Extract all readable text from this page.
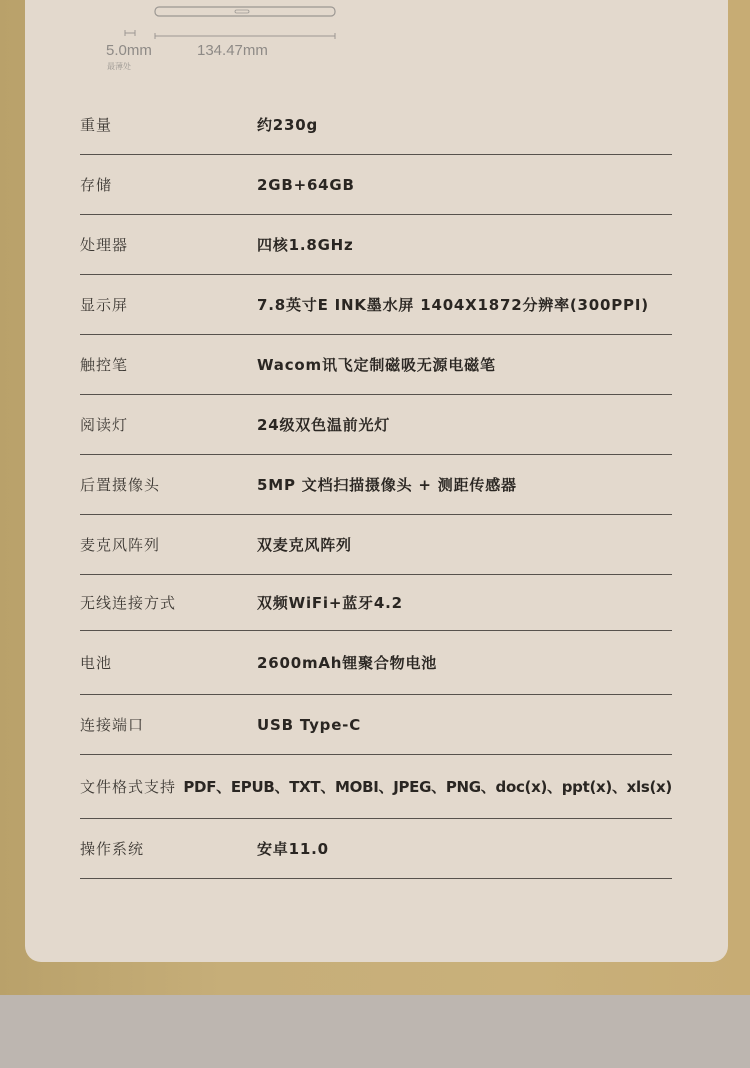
5.0mm
最薄处
134.47mm
重量	约230g
存储	2GB+64GB
处理器	四核1.8GHz
显示屏	7.8英寸E INK墨水屏 1404X1872分辨率(300PPI)
触控笔	Wacom讯飞定制磁吸无源电磁笔
阅读灯	24级双色温前光灯
后置摄像头	5MP 文档扫描摄像头 + 测距传感器
麦克风阵列	双麦克风阵列
无线连接方式	双频WiFi+蓝牙4.2
电池	2600mAh锂聚合物电池
连接端口	USB Type-C
文件格式支持 PDF、EPUB、TXT、MOBI、JPEG、PNG、doc(x)、ppt(x)、xls(x)
操作系统	安卓11.0
